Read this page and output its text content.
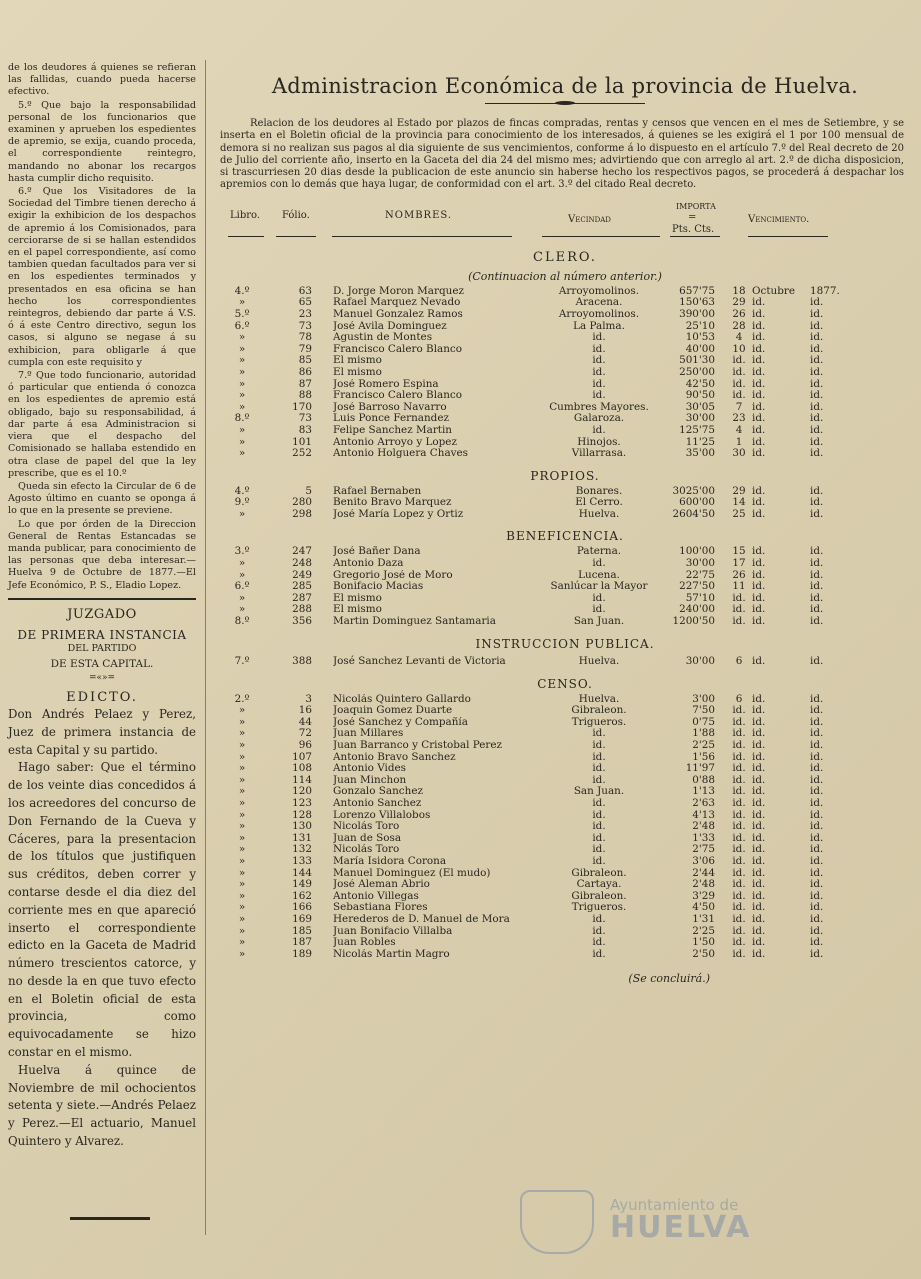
de los deudores á quienes se refieran las fallidas, cuando pueda hacerse efectivo.

5.º Que bajo la responsabilidad personal de los funcionarios que examinen y aprueben los espedientes de apremio, se exija, cuando proceda, el correspondiente reintegro, mandando no abonar los recargos hasta cumplir dicho requisito.

6.º Que los Visitadores de la Sociedad del Timbre tienen derecho á exigir la exhibicion de los despachos de apremio á los Comisionados, para cerciorarse de si se hallan estendidos en el papel correspondiente, así como tambien quedan facultados para ver si en los espedientes terminados y presentados en esa oficina se han hecho los correspondientes reintegros, debiendo dar parte á V.S. ó á este Centro directivo, segun los casos, si alguno se negase á su exhibicion, para obligarle á que cumpla con este requisito y

7.º Que todo funcionario, autoridad ó particular que entienda ó conozca en los espedientes de apremio está obligado, bajo su responsabilidad, á dar parte á esa Administracion si viera que el despacho del Comisionado se hallaba estendido en otra clase de papel del que la ley prescribe, que es el 10.º

Queda sin efecto la Circular de 6 de Agosto último en cuanto se oponga á lo que en la presente se previene.

Lo que por órden de la Direccion General de Rentas Estancadas se manda publicar, para conocimiento de las personas que deba interesar.—Huelva 9 de Octubre de 1877.—El Jefe Económico, P. S., Eladio Lopez.

JUZGADO
DE PRIMERA INSTANCIA
DEL PARTIDO
DE ESTA CAPITAL.
=«»=
EDICTO.

Don Andrés Pelaez y Perez, Juez de primera instancia de esta Capital y su partido.

Hago saber: Que el término de los veinte dias concedidos á los acreedores del concurso de Don Fernando de la Cueva y Cáceres, para la presentacion de los títulos que justifiquen sus créditos, deben correr y contarse desde el dia diez del corriente mes en que apareció inserto el correspondiente edicto en la Gaceta de Madrid número trescientos catorce, y no desde la en que tuvo efecto en el Boletin oficial de esta provincia, como equivocadamente se hizo constar en el mismo.

Huelva á quince de Noviembre de mil ochocientos setenta y siete.—Andrés Pelaez y Perez.—El actuario, Manuel Quintero y Alvarez.

Administracion Económica de la provincia de Huelva.

Relacion de los deudores al Estado por plazos de fincas compradas, rentas y censos que vencen en el mes de Setiembre, y se inserta en el Boletin oficial de la provincia para conocimiento de los interesados, á quienes se les exigirá el 1 por 100 mensual de demora si no realizan sus pagos al dia siguiente de sus vencimientos, conforme á lo dispuesto en el artículo 7.º del Real decreto de 20 de Julio del corriente año, inserto en la Gaceta del dia 24 del mismo mes; advirtiendo que con arreglo al art. 2.º de dicha disposicion, si trascurriesen 20 dias desde la publicacion de este anuncio sin haberse hecho los respectivos pagos, se procederá á despachar los apremios con lo demás que haya lugar, de conformidad con el art. 3.º del citado Real decreto.

Libro. Fólio.	NOMBRES.	Vecindad
IMPORTA
=
Pts. Cts.
Vencimiento.
CLERO.
(Continuacion al número anterior.)
4.º	63 D. Jorge Moron Marquez	Arroyomolinos.	657'75	18 Octubre	1877.
»	65 Rafael Marquez Nevado	Aracena.	150'63	29 id.	id.
5.º	23 Manuel Gonzalez Ramos	Arroyomolinos.	390'00	26 id.	id.
6.º	73 José Avila Dominguez	La Palma.	25'10	28 id.	id.
»	78 Agustin de Montes	id.	10'53	4 id.	id.
»	79 Francisco Calero Blanco	id.	40'00	10 id.	id.
»	85 El mismo	id.	501'30	id. id.	id.
»	86 El mismo	id.	250'00	id. id.	id.
»	87 José Romero Espina	id.	42'50	id. id.	id.
»	88 Francisco Calero Blanco	id.	90'50	id. id.	id.
»	170 José Barroso Navarro	Cumbres Mayores.	30'05	7 id.	id.
8.º	73 Luis Ponce Fernandez	Galaroza.	30'00	23 id.	id.
»	83 Felipe Sanchez Martin	id.	125'75	4 id.	id.
»	101 Antonio Arroyo y Lopez	Hinojos.	11'25	1 id.	id.
»	252 Antonio Holguera Chaves	Villarrasa.	35'00	30 id.	id.
PROPIOS.
4.º	5 Rafael Bernaben	Bonares.	3025'00	29 id.	id.
9.º	280 Benito Bravo Marquez	El Cerro.	600'00	14 id.	id.
»	298 José María Lopez y Ortiz	Huelva.	2604'50	25 id.	id.
BENEFICENCIA.
3.º	247 José Bañer Dana	Paterna.	100'00	15 id.	id.
»	248 Antonio Daza	id.	30'00	17 id.	id.
»	249 Gregorio José de Moro	Lucena.	22'75	26 id.	id.
6.º	285 Bonifacio Macias	Sanlúcar la Mayor	227'50	11 id.	id.
»	287 El mismo	id.	57'10	id. id.	id.
»	288 El mismo	id.	240'00	id. id.	id.
8.º	356 Martin Dominguez Santamaria	San Juan.	1200'50	id. id.	id.
INSTRUCCION PUBLICA.
7.º	388 José Sanchez Levanti de Victoria	Huelva.	30'00	6 id.	id.
CENSO.
2.º	3 Nicolás Quintero Gallardo	Huelva.	3'00	6 id.	id.
»	16 Joaquin Gomez Duarte	Gibraleon.	7'50	id. id.	id.
»	44 José Sanchez y Compañía	Trigueros.	0'75	id. id.	id.
»	72 Juan Millares	id.	1'88	id. id.	id.
»	96 Juan Barranco y Cristobal Perez	id.	2'25	id. id.	id.
»	107 Antonio Bravo Sanchez	id.	1'56	id. id.	id.
»	108 Antonio Vides	id.	11'97	id. id.	id.
»	114 Juan Minchon	id.	0'88	id. id.	id.
»	120 Gonzalo Sanchez	San Juan.	1'13	id. id.	id.
»	123 Antonio Sanchez	id.	2'63	id. id.	id.
»	128 Lorenzo Villalobos	id.	4'13	id. id.	id.
»	130 Nicolás Toro	id.	2'48	id. id.	id.
»	131 Juan de Sosa	id.	1'33	id. id.	id.
»	132 Nicolás Toro	id.	2'75	id. id.	id.
»	133 María Isidora Corona	id.	3'06	id. id.	id.
»	144 Manuel Dominguez (El mudo)	Gibraleon.	2'44	id. id.	id.
»	149 José Aleman Abrio	Cartaya.	2'48	id. id.	id.
»	162 Antonio Villegas	Gibraleon.	3'29	id. id.	id.
»	166 Sebastiana Flores	Trigueros.	4'50	id. id.	id.
»	169 Herederos de D. Manuel de Mora	id.	1'31	id. id.	id.
»	185 Juan Bonifacio Villalba	id.	2'25	id. id.	id.
»	187 Juan Robles	id.	1'50	id. id.	id.
»	189 Nicolás Martin Magro	id.	2'50	id. id.	id.
(Se concluirá.)
Ayuntamiento de
HUELVA
